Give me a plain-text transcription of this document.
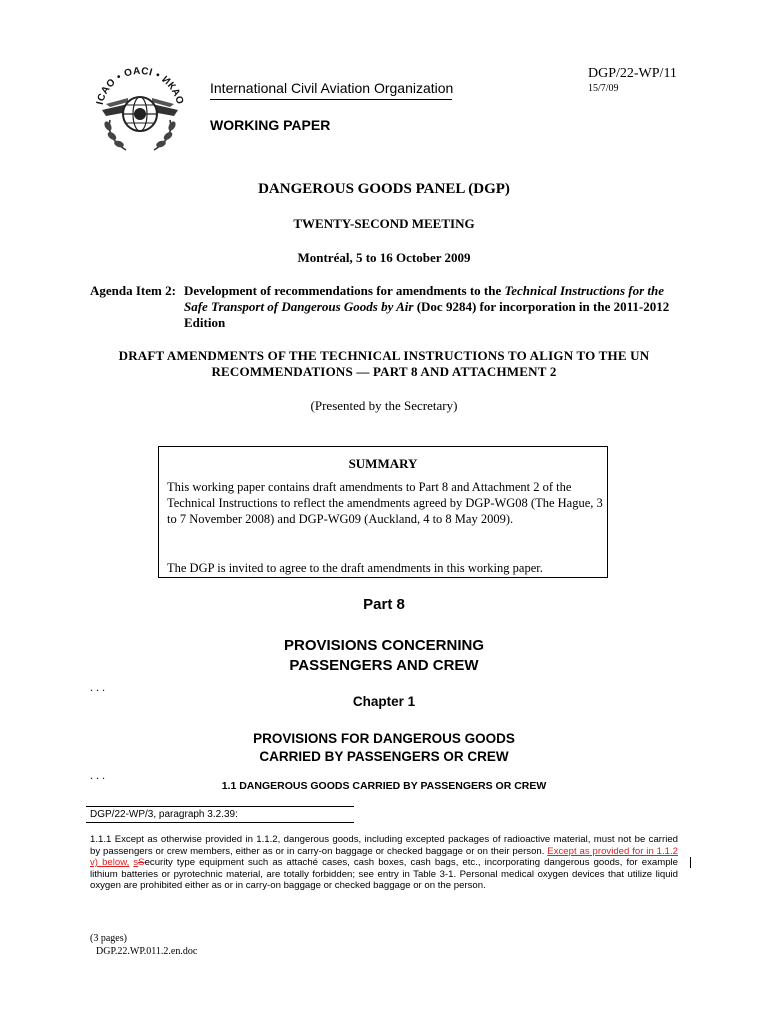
ICAO • OACI • ИКАО
International Civil Aviation Organization
WORKING PAPER
DGP/22-WP/11
15/7/09
DANGEROUS GOODS PANEL (DGP)
TWENTY-SECOND MEETING
Montréal, 5 to 16 October 2009
Agenda Item 2: Development of recommendations for amendments to the Technical Instructions for the Safe Transport of Dangerous Goods by Air (Doc 9284) for incorporation in the 2011-2012 Edition
DRAFT AMENDMENTS OF THE TECHNICAL INSTRUCTIONS TO ALIGN TO THE UN
RECOMMENDATIONS — PART 8 AND ATTACHMENT 2
(Presented by the Secretary)
SUMMARY
This working paper contains draft amendments to Part 8 and Attachment 2 of the Technical Instructions to reflect the amendments agreed by DGP-WG08 (The Hague, 3 to 7 November 2008) and DGP-WG09 (Auckland, 4 to 8 May 2009).
The DGP is invited to agree to the draft amendments in this working paper.
Part 8
PROVISIONS CONCERNING
PASSENGERS AND CREW
. . .
Chapter 1
PROVISIONS FOR DANGEROUS GOODS
CARRIED BY PASSENGERS OR CREW
. . .
1.1 DANGEROUS GOODS CARRIED BY PASSENGERS OR CREW
DGP/22-WP/3, paragraph 3.2.39:
1.1.1 Except as otherwise provided in 1.1.2, dangerous goods, including excepted packages of radioactive material, must not be carried by passengers or crew members, either as or in carry-on baggage or checked baggage or on their person. Except as provided for in 1.1.2 v) below, sSecurity type equipment such as attaché cases, cash boxes, cash bags, etc., incorporating dangerous goods, for example lithium batteries or pyrotechnic material, are totally forbidden; see entry in Table 3-1. Personal medical oxygen devices that utilize liquid oxygen are prohibited either as or in carry-on baggage or checked baggage or on the person.
(3 pages)
DGP.22.WP.011.2.en.doc
